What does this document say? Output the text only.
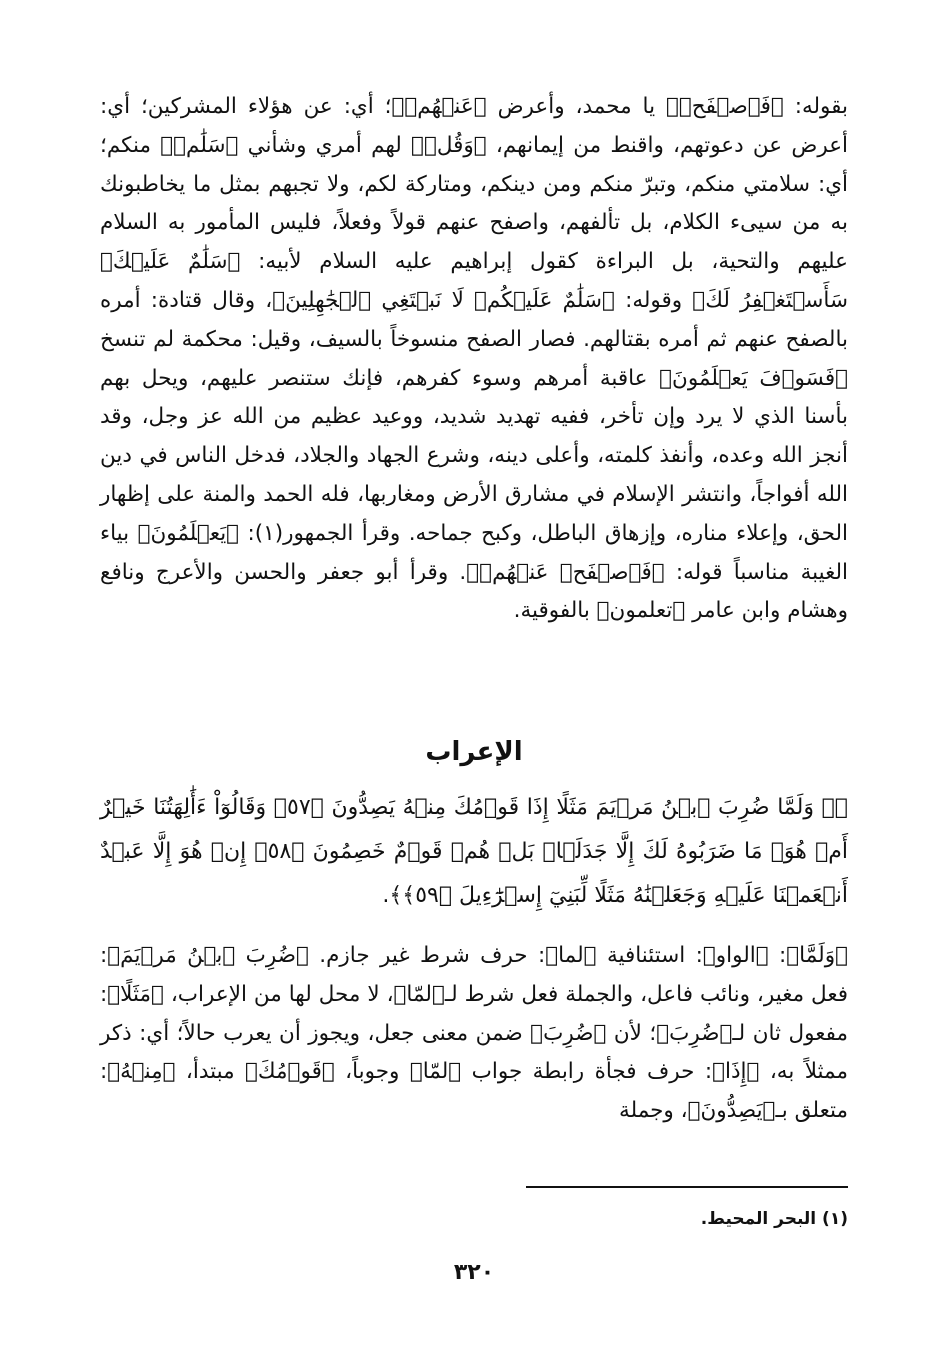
بقوله: ﴿فَٱصۡفَحۡ﴾ يا محمد، وأعرض ﴿عَنۡهُمۡ﴾؛ أي: عن هؤلاء المشركين؛ أي: أعرض عن دعوتهم، واقنط من إيمانهم، ﴿وَقُلۡ﴾ لهم أمري وشأني ﴿سَلَٰمٞ﴾ منكم؛ أي: سلامتي منكم، وتبرّ منكم ومن دينكم، ومتاركة لكم، ولا تجبهم بمثل ما يخاطبونك به من سيىء الكلام، بل تألفهم، واصفح عنهم قولاً وفعلاً، فليس المأمور به السلام عليهم والتحية، بل البراءة كقول إبراهيم عليه السلام لأبيه: ﴿سَلَٰمٌ عَلَيۡكَۖ سَأَسۡتَغۡفِرُ لَكَ﴾ وقوله: ﴿سَلَٰمٌ عَلَيۡكُمۡ لَا نَبۡتَغِي ٱلۡجَٰهِلِينَ﴾، وقال قتادة: أمره بالصفح عنهم ثم أمره بقتالهم. فصار الصفح منسوخاً بالسيف، وقيل: محكمة لم تنسخ ﴿فَسَوۡفَ يَعۡلَمُونَ﴾ عاقبة أمرهم وسوء كفرهم، فإنك ستنصر عليهم، ويحل بهم بأسنا الذي لا يرد وإن تأخر، ففيه تهديد شديد، ووعيد عظيم من الله عز وجل، وقد أنجز الله وعده، وأنفذ كلمته، وأعلى دينه، وشرع الجهاد والجلاد، فدخل الناس في دين الله أفواجاً، وانتشر الإسلام في مشارق الأرض ومغاربها، فله الحمد والمنة على إظهار الحق، وإعلاء مناره، وإزهاق الباطل، وكبح جماحه. وقرأ الجمهور(١): ﴿يَعۡلَمُونَ﴾ بياء الغيبة مناسباً قوله: ﴿فَٱصۡفَحۡ عَنۡهُمۡ﴾. وقرأ أبو جعفر والحسن والأعرج ونافع وهشام وابن عامر ﴿تعلمون﴾ بالفوقية.

الإعراب

﴿۞ وَلَمَّا ضُرِبَ ٱبۡنُ مَرۡيَمَ مَثَلًا إِذَا قَوۡمُكَ مِنۡهُ يَصِدُّونَ ﴿٥٧﴾ وَقَالُوٓاْ ءَأَٰلِهَتُنَا خَيۡرٌ أَمۡ هُوَۚ مَا ضَرَبُوهُ لَكَ إِلَّا جَدَلَۢاۚ بَلۡ هُمۡ قَوۡمٌ خَصِمُونَ ﴿٥٨﴾ إِنۡ هُوَ إِلَّا عَبۡدٌ أَنۡعَمۡنَا عَلَيۡهِ وَجَعَلۡنَٰهُ مَثَلًا لِّبَنِيٓ إِسۡرَٰٓءِيلَ ﴿٥٩﴾﴾.

﴿وَلَمَّا﴾: ﴿الواو﴾: استئنافية ﴿لما﴾: حرف شرط غير جازم. ﴿ضُرِبَ ٱبۡنُ مَرۡيَمَ﴾: فعل مغير، ونائب فاعل، والجملة فعل شرط لـ﴿لمّا﴾، لا محل لها من الإعراب، ﴿مَثَلًا﴾: مفعول ثان لـ﴿ضُرِبَ﴾؛ لأن ﴿ضُرِبَ﴾ ضمن معنى جعل، ويجوز أن يعرب حالاً؛ أي: ذكر ممثلاً به، ﴿إِذَا﴾: حرف فجأة رابطة جواب ﴿لمّا﴾ وجوباً، ﴿قَوۡمُكَ﴾ مبتدأ، ﴿مِنۡهُ﴾: متعلق بـ﴿يَصِدُّونَ﴾، وجملة

(١) البحر المحيط.
٣٢٠
